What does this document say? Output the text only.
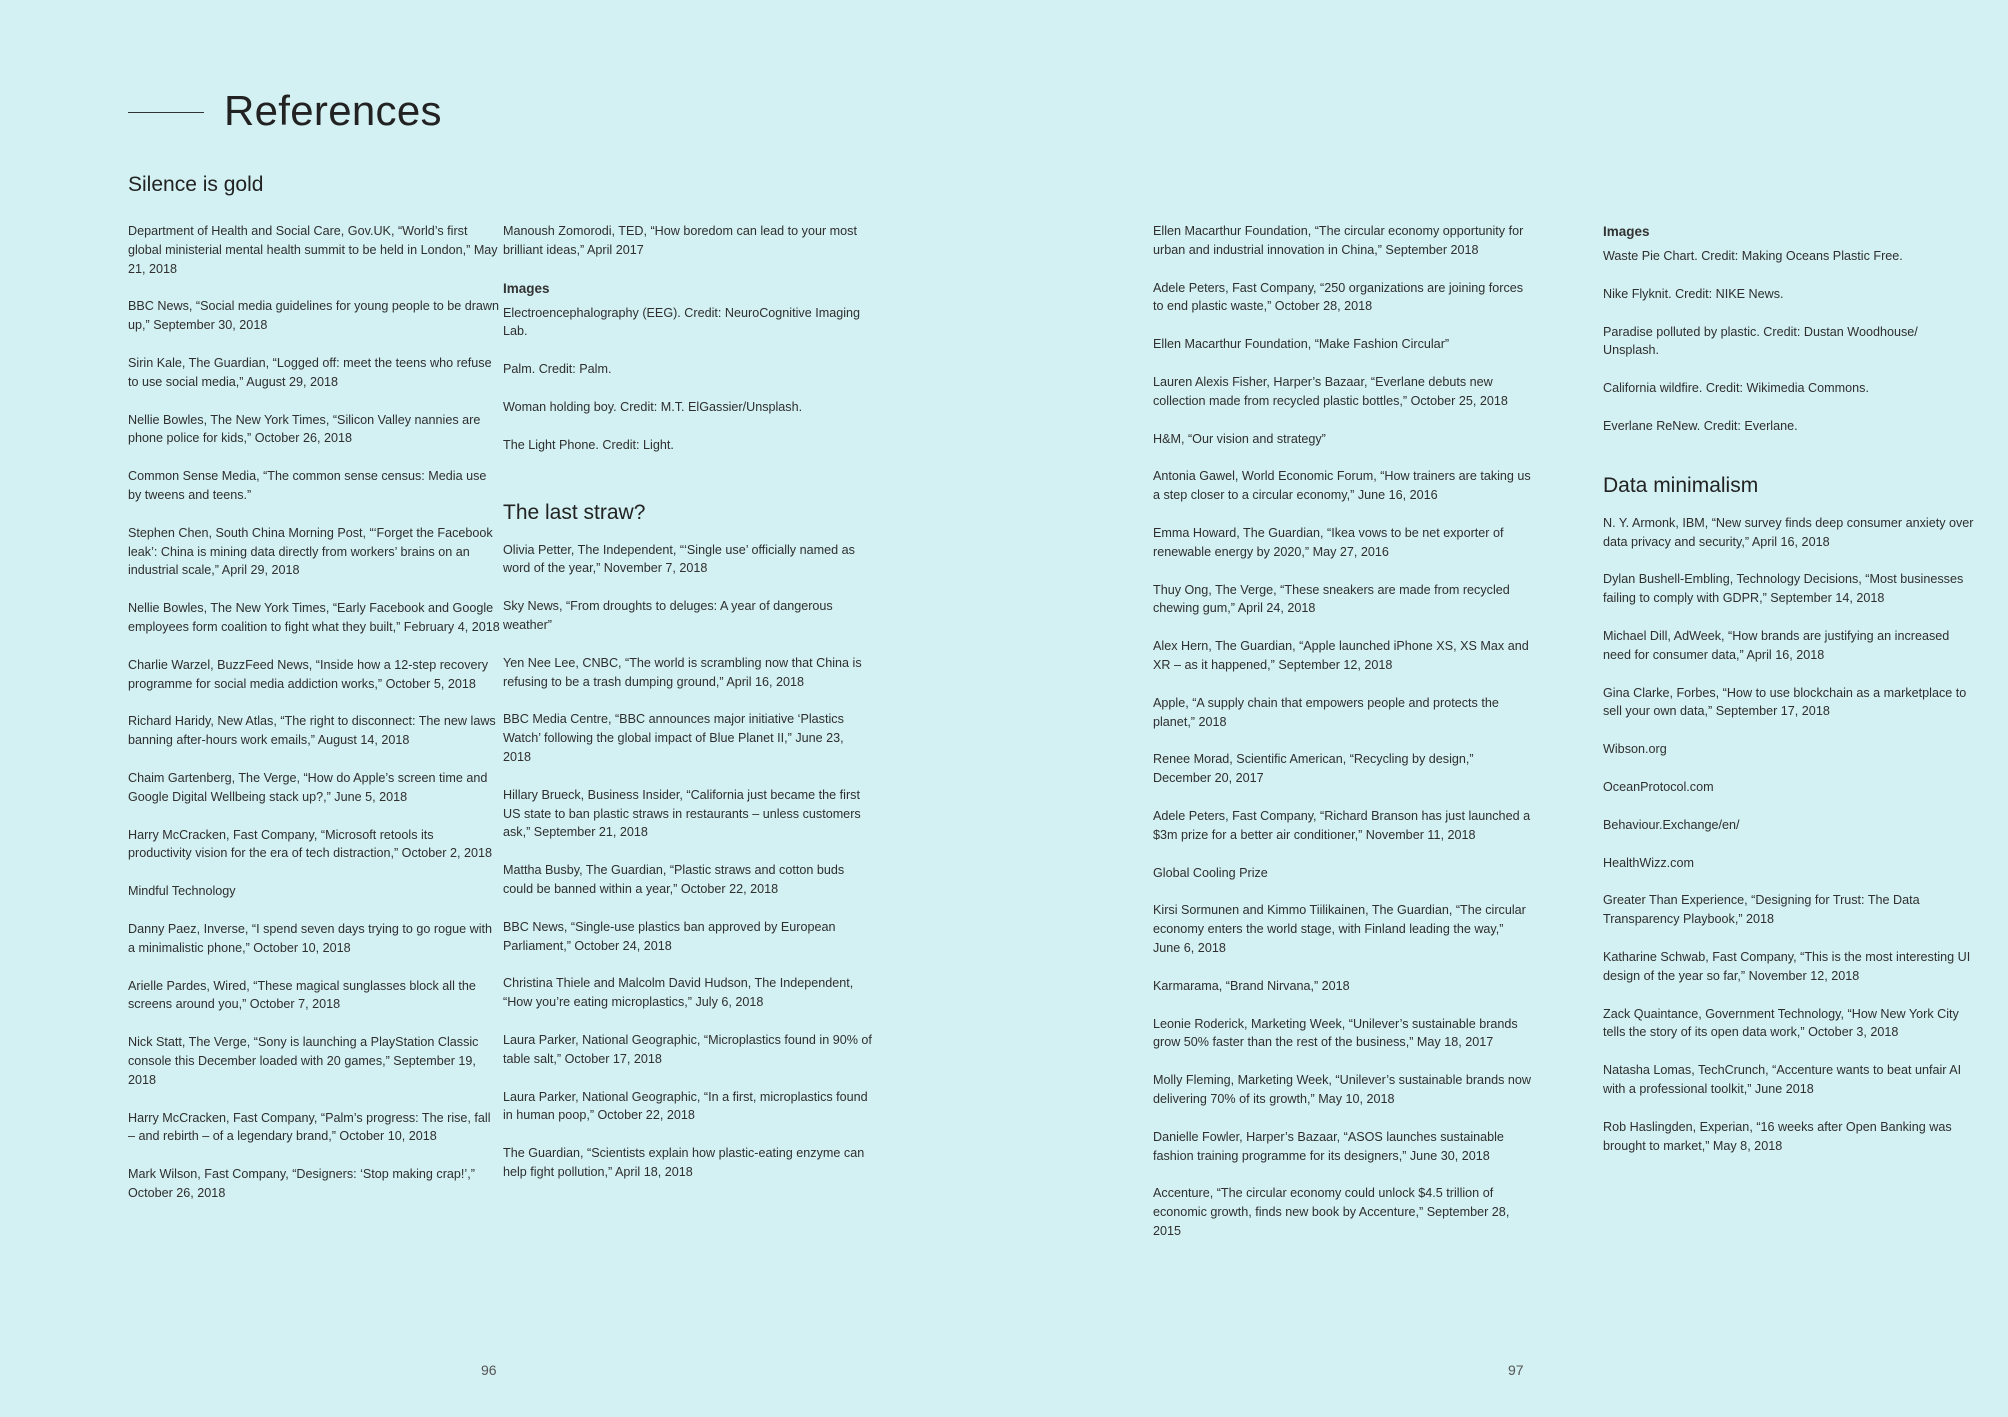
References
Silence is gold

Department of Health and Social Care, Gov.UK, “World’s first global ministerial mental health summit to be held in London,” May 21, 2018

BBC News, “Social media guidelines for young people to be drawn up,” September 30, 2018

Sirin Kale, The Guardian, “Logged off: meet the teens who refuse to use social media,” August 29, 2018

Nellie Bowles, The New York Times, “Silicon Valley nannies are phone police for kids,” October 26, 2018

Common Sense Media, “The common sense census: Media use by tweens and teens.”

Stephen Chen, South China Morning Post, “‘Forget the Facebook leak’: China is mining data directly from workers’ brains on an industrial scale,” April 29, 2018

Nellie Bowles, The New York Times, “Early Facebook and Google employees form coalition to fight what they built,” February 4, 2018

Charlie Warzel, BuzzFeed News, “Inside how a 12-step recovery programme for social media addiction works,” October 5, 2018

Richard Haridy, New Atlas, “The right to disconnect: The new laws banning after-hours work emails,” August 14, 2018

Chaim Gartenberg, The Verge, “How do Apple’s screen time and Google Digital Wellbeing stack up?,” June 5, 2018

Harry McCracken, Fast Company, “Microsoft retools its productivity vision for the era of tech distraction,” October 2, 2018

Mindful Technology

Danny Paez, Inverse, “I spend seven days trying to go rogue with a minimalistic phone,” October 10, 2018

Arielle Pardes, Wired, “These magical sunglasses block all the screens around you,” October 7, 2018

Nick Statt, The Verge, “Sony is launching a PlayStation Classic console this December loaded with 20 games,” September 19, 2018

Harry McCracken, Fast Company, “Palm’s progress: The rise, fall – and rebirth – of a legendary brand,” October 10, 2018

Mark Wilson, Fast Company, “Designers: ‘Stop making crap!’,” October 26, 2018

Manoush Zomorodi, TED, “How boredom can lead to your most brilliant ideas,” April 2017

Images

Electroencephalography (EEG). Credit: NeuroCognitive Imaging Lab.

Palm. Credit: Palm.

Woman holding boy. Credit: M.T. ElGassier/Unsplash.

The Light Phone. Credit: Light.

The last straw?

Olivia Petter, The Independent, “‘Single use’ officially named as word of the year,” November 7, 2018

Sky News, “From droughts to deluges: A year of dangerous weather”

Yen Nee Lee, CNBC, “The world is scrambling now that China is refusing to be a trash dumping ground,” April 16, 2018

BBC Media Centre, “BBC announces major initiative ‘Plastics Watch’ following the global impact of Blue Planet II,” June 23, 2018

Hillary Brueck, Business Insider, “California just became the first US state to ban plastic straws in restaurants – unless customers ask,” September 21, 2018

Mattha Busby, The Guardian, “Plastic straws and cotton buds could be banned within a year,” October 22, 2018

BBC News, “Single-use plastics ban approved by European Parliament,” October 24, 2018

Christina Thiele and Malcolm David Hudson, The Independent, “How you’re eating microplastics,” July 6, 2018

Laura Parker, National Geographic, “Microplastics found in 90% of table salt,” October 17, 2018

Laura Parker, National Geographic, “In a first, microplastics found in human poop,” October 22, 2018

The Guardian, “Scientists explain how plastic-eating enzyme can help fight pollution,” April 18, 2018

Ellen Macarthur Foundation, “The circular economy opportunity for urban and industrial innovation in China,” September 2018

Adele Peters, Fast Company, “250 organizations are joining forces to end plastic waste,” October 28, 2018

Ellen Macarthur Foundation, “Make Fashion Circular”

Lauren Alexis Fisher, Harper’s Bazaar, “Everlane debuts new collection made from recycled plastic bottles,” October 25, 2018

H&M, “Our vision and strategy”

Antonia Gawel, World Economic Forum, “How trainers are taking us a step closer to a circular economy,” June 16, 2016

Emma Howard, The Guardian, “Ikea vows to be net exporter of renewable energy by 2020,” May 27, 2016

Thuy Ong, The Verge, “These sneakers are made from recycled chewing gum,” April 24, 2018

Alex Hern, The Guardian, “Apple launched iPhone XS, XS Max and XR – as it happened,” September 12, 2018

Apple, “A supply chain that empowers people and protects the planet,” 2018

Renee Morad, Scientific American, “Recycling by design,” December 20, 2017

Adele Peters, Fast Company, “Richard Branson has just launched a $3m prize for a better air conditioner,” November 11, 2018

Global Cooling Prize

Kirsi Sormunen and Kimmo Tiilikainen, The Guardian, “The circular economy enters the world stage, with Finland leading the way,” June 6, 2018

Karmarama, “Brand Nirvana,” 2018

Leonie Roderick, Marketing Week, “Unilever’s sustainable brands grow 50% faster than the rest of the business,” May 18, 2017

Molly Fleming, Marketing Week, “Unilever’s sustainable brands now delivering 70% of its growth,” May 10, 2018

Danielle Fowler, Harper’s Bazaar, “ASOS launches sustainable fashion training programme for its designers,” June 30, 2018

Accenture, “The circular economy could unlock $4.5 trillion of economic growth, finds new book by Accenture,” September 28, 2015

Images

Waste Pie Chart. Credit: Making Oceans Plastic Free.

Nike Flyknit. Credit: NIKE News.

Paradise polluted by plastic. Credit: Dustan Woodhouse/ Unsplash.

California wildfire. Credit: Wikimedia Commons.

Everlane ReNew. Credit: Everlane.

Data minimalism

N. Y. Armonk, IBM, “New survey finds deep consumer anxiety over data privacy and security,” April 16, 2018

Dylan Bushell-Embling, Technology Decisions, “Most businesses failing to comply with GDPR,” September 14, 2018

Michael Dill, AdWeek, “How brands are justifying an increased need for consumer data,” April 16, 2018

Gina Clarke, Forbes, “How to use blockchain as a marketplace to sell your own data,” September 17, 2018

Wibson.org

OceanProtocol.com

Behaviour.Exchange/en/

HealthWizz.com

Greater Than Experience, “Designing for Trust: The Data Transparency Playbook,” 2018

Katharine Schwab, Fast Company, “This is the most interesting UI design of the year so far,” November 12, 2018

Zack Quaintance, Government Technology, “How New York City tells the story of its open data work,” October 3, 2018

Natasha Lomas, TechCrunch, “Accenture wants to beat unfair AI with a professional toolkit,” June 2018

Rob Haslingden, Experian, “16 weeks after Open Banking was brought to market,” May 8, 2018

96	97
